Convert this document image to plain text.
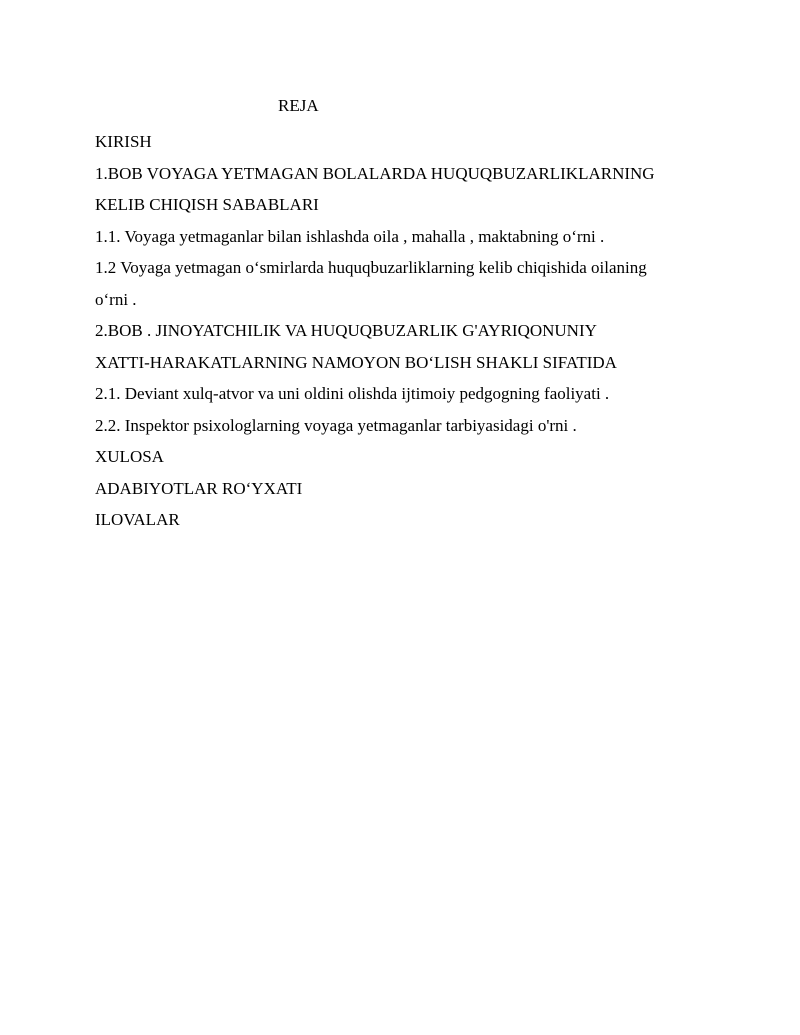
REJA

KIRISH

1.BOB VOYAGA YETMAGAN BOLALARDA HUQUQBUZARLIKLARNING

KELIB CHIQISH SABABLARI

1.1. Voyaga yetmaganlar bilan ishlashda oila , mahalla , maktabning o‘rni .

1.2 Voyaga yetmagan o‘smirlarda huquqbuzarliklarning kelib chiqishida oilaning

o‘rni .

2.BOB . JINOYATCHILIK VA HUQUQBUZARLIK G'AYRIQONUNIY

XATTI-HARAKATLARNING NAMOYON BO‘LISH SHAKLI SIFATIDA

2.1. Deviant xulq-atvor va uni oldini olishda ijtimoiy pedgogning faoliyati .

2.2. Inspektor psixologlarning voyaga yetmaganlar tarbiyasidagi o'rni .

XULOSA

ADABIYOTLAR RO‘YXATI

ILOVALAR
